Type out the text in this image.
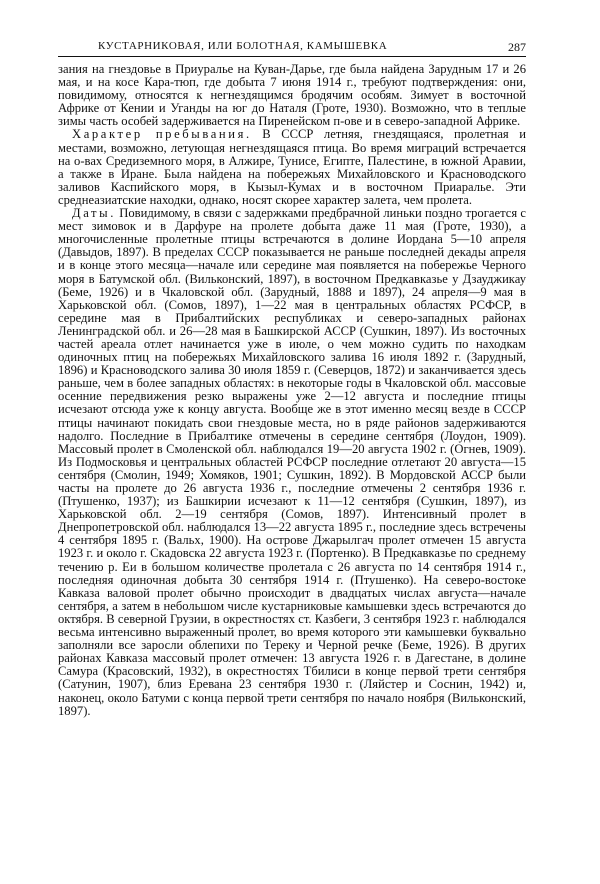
КУСТАРНИКОВАЯ, ИЛИ БОЛОТНАЯ, КАМЫШЕВКА	287

зания на гнездовье в Приуралье на Куван-Дарье, где была найдена Зарудным 17 и 26 мая, и на косе Кара-тюп, где добыта 7 июня 1914 г., требуют подтверждения: они, повидимому, относятся к негнездящимся бродячим особям. Зимует в восточной Африке от Кении и Уганды на юг до Наталя (Гроте, 1930). Возможно, что в теплые зимы часть особей задерживается на Пиренейском п-ове и в северо-западной Африке.

Характер пребывания. В СССР летняя, гнездящаяся, пролетная и местами, возможно, летующая негнездящаяся птица. Во время миграций встречается на о-вах Средиземного моря, в Алжире, Тунисе, Египте, Палестине, в южной Аравии, а также в Иране. Была найдена на побережьях Михайловского и Красноводского заливов Каспийского моря, в Кызыл-Кумах и в восточном Приаралье. Эти среднеазиатские находки, однако, носят скорее характер залета, чем пролета.

Даты. Повидимому, в связи с задержками предбрачной линьки поздно трогается с мест зимовок и в Дарфуре на пролете добыта даже 11 мая (Гроте, 1930), а многочисленные пролетные птицы встречаются в долине Иордана 5—10 апреля (Давыдов, 1897). В пределах СССР показывается не раньше последней декады апреля и в конце этого месяца—начале или середине мая появляется на побережье Черного моря в Батумской обл. (Вильконский, 1897), в восточном Предкавказье у Дзауджикау (Беме, 1926) и в Чкаловской обл. (Зарудный, 1888 и 1897), 24 апреля—9 мая в Харьковской обл. (Сомов, 1897), 1—22 мая в центральных областях РСФСР, в середине мая в Прибалтийских республиках и северо-западных районах Ленинградской обл. и 26—28 мая в Башкирской АССР (Сушкин, 1897). Из восточных частей ареала отлет начинается уже в июле, о чем можно судить по находкам одиночных птиц на побережьях Михайловского залива 16 июля 1892 г. (Зарудный, 1896) и Красноводского залива 30 июля 1859 г. (Северцов, 1872) и заканчивается здесь раньше, чем в более западных областях: в некоторые годы в Чкаловской обл. массовые осенние передвижения резко выражены уже 2—12 августа и последние птицы исчезают отсюда уже к концу августа. Вообще же в этот именно месяц везде в СССР птицы начинают покидать свои гнездовые места, но в ряде районов задерживаются надолго. Последние в Прибалтике отмечены в середине сентября (Лоудон, 1909). Массовый пролет в Смоленской обл. наблюдался 19—20 августа 1902 г. (Огнев, 1909). Из Подмосковья и центральных областей РСФСР последние отлетают 20 августа—15 сентября (Смолин, 1949; Хомяков, 1901; Сушкин, 1892). В Мордовской АССР были часты на пролете до 26 августа 1936 г., последние отмечены 2 сентября 1936 г. (Птушенко, 1937); из Башкирии исчезают к 11—12 сентября (Сушкин, 1897), из Харьковской обл. 2—19 сентября (Сомов, 1897). Интенсивный пролет в Днепропетровской обл. наблюдался 13—22 августа 1895 г., последние здесь встречены 4 сентября 1895 г. (Вальх, 1900). На острове Джарылгач пролет отмечен 15 августа 1923 г. и около г. Скадовска 22 августа 1923 г. (Портенко). В Предкавказье по среднему течению р. Еи в большом количестве пролетала с 26 августа по 14 сентября 1914 г., последняя одиночная добыта 30 сентября 1914 г. (Птушенко). На северо-востоке Кавказа валовой пролет обычно происходит в двадцатых числах августа—начале сентября, а затем в небольшом числе кустарниковые камышевки здесь встречаются до октября. В северной Грузии, в окрестностях ст. Казбеги, 3 сентября 1923 г. наблюдался весьма интенсивно выраженный пролет, во время которого эти камышевки буквально заполняли все заросли облепихи по Тереку и Черной речке (Беме, 1926). В других районах Кавказа массовый пролет отмечен: 13 августа 1926 г. в Дагестане, в долине Самура (Красовский, 1932), в окрестностях Тбилиси в конце первой трети сентября (Сатунин, 1907), близ Еревана 23 сентября 1930 г. (Ляйстер и Соснин, 1942) и, наконец, около Батуми с конца первой трети сентября по начало ноября (Вильконский, 1897).
